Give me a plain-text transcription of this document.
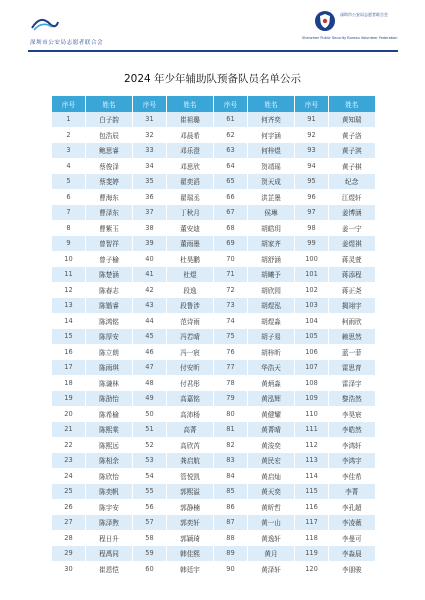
深圳市公安局志愿者联合会
Shenzhen Public Security Bureau Volunteer Federation
深圳市公安局志愿者联合会
2024 年少年辅助队预备队员名单公示
序号	姓名	序号	姓名	序号	姓名	序号	姓名
1	白子韵	31	崔祖璐	61	何齐奕	91	黄知瑞
2	包浩辰	32	邓晨希	62	何宇涵	92	黄子洛
3	鲍思睿	33	邓乐澄	63	何梓煜	93	黄子淇
4	蔡俊泽	34	邓思欣	64	贺靖瑶	94	黄子棋
5	蔡斐婷	35	翟奕滔	65	贺天成	95	纪念
6	曹海东	36	翟瑞丞	66	洪芷墨	96	江煜轩
7	曹泽东	37	丁秋月	67	侯琳	97	姜博涵
8	曹紫玉	38	董安迪	68	胡皓玥	98	姜一宁
9	曾智祥	39	董雨墨	69	胡家齐	99	姜煜祺
10	曾子榆	40	杜昊鹏	70	胡舒涵	100	蒋灵萱
11	陈楚涵	41	杜煜	71	胡曦予	101	蒋添程
12	陈春志	42	段逸	72	胡欣园	102	蒋正尧
13	陈锴睿	43	段鲁涉	73	胡煜泓	103	揭翊宇
14	陈鸿铭	44	范诗雨	74	胡煜淼	104	柯雨欣
15	陈厚安	45	冯若晴	75	胡子易	105	赖思然
16	陈立朗	46	冯一宸	76	胡梓昕	106	蓝一菲
17	陈雨琪	47	付安昕	77	华浩天	107	雷思育
18	陈谦林	48	付君彤	78	黄炳淼	108	雷泽宇
19	陈劭怡	49	高嘉铭	79	黄泓辉	109	黎浩然
20	陈希榆	50	高沛杨	80	黄健耀	110	李昊宸
21	陈熙棠	51	高菁	81	黄菁晴	111	李皓然
22	陈熙远	52	高欣芮	82	黄浚奕	112	李鸿轩
23	陈相余	53	龚启航	83	黄民宏	113	李鸿宇
24	陈欣怡	54	管悦凯	84	黄启灿	114	李佳希
25	陈奕帆	55	郭熙溢	85	黄天奕	115	李菁
26	陈宇安	56	郭静楠	86	黄昕哲	116	李孔超
27	陈泽煦	57	郭奕轩	87	黄一山	117	李凌薇
28	程日升	58	郭颖琦	88	黄逸轩	118	李曼可
29	程禹同	59	韩佳熙	89	黄月	119	李淼晨
30	崔恩恺	60	韩廷宇	90	黄泽轩	120	李朋骏
